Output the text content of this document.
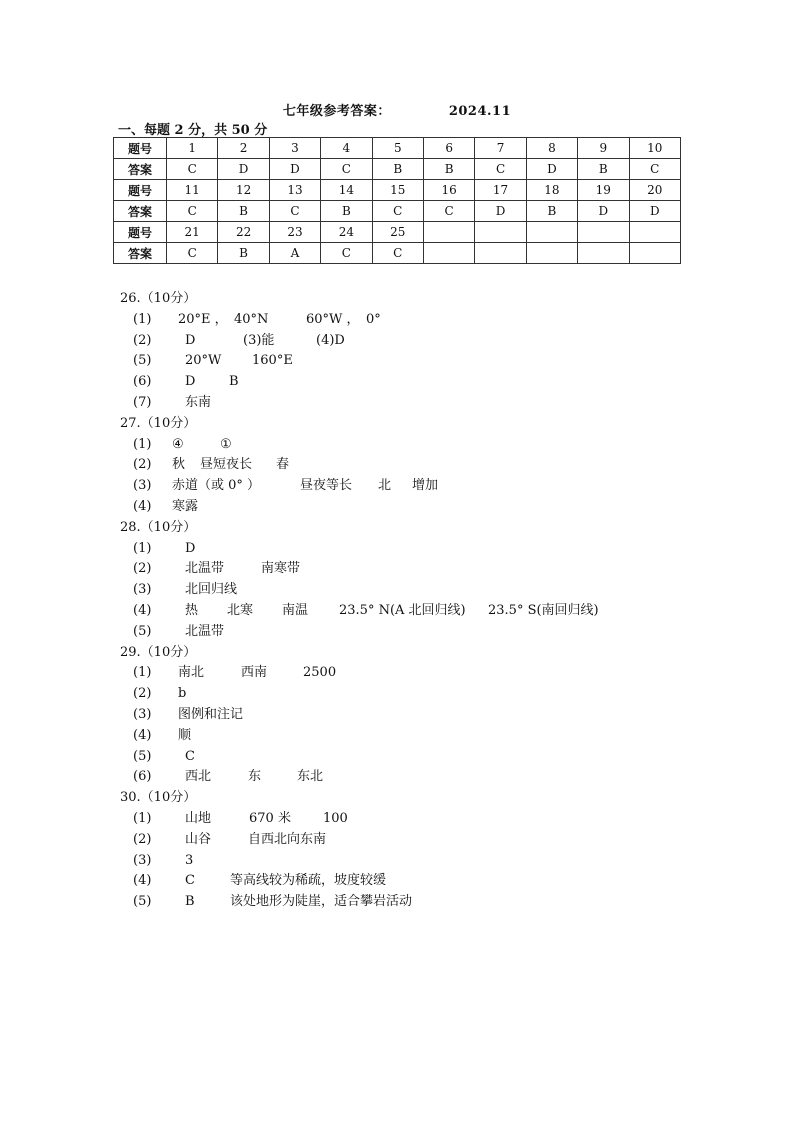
七年级参考答案：	2024.11
一、每题 2 分，共 50 分
题号	1	2	3	4	5	6	7	8	9	10
答案	C	D	D	C	B	B	C	D	B	C
题号	11	12	13	14	15	16	17	18	19	20
答案	C	B	C	B	C	C	D	B	D	D
题号	21	22	23	24	25					
答案	C	B	A	C	C					
26.（10分）
(1) 20°E ， 40°N	60°W ， 0°
(2)	D	(3)能	(4)D
(5)	20°W 160°E
(6)	D	B
(7)	东南
27.（10分）
(1) ④	①
(2) 秋 昼短夜长 春
(3) 赤道（或 0° ）	昼夜等长 北 增加
(4) 寒露
28.（10分）
(1)	D
(2)	北温带	南寒带
(3)	北回归线
(4)	热 北寒 南温 23.5° N(A 北回归线) 23.5° S(南回归线)
(5)	北温带
29.（10分）
(1) 南北	西南	2500
(2) b
(3) 图例和注记
(4) 顺
(5)	C
(6)	西北	东	东北
30.（10分）
(1)	山地	670 米 100
(2)	山谷	自西北向东南
(3)	3
(4)	C	等高线较为稀疏，坡度较缓
(5)	B	该处地形为陡崖，适合攀岩活动
